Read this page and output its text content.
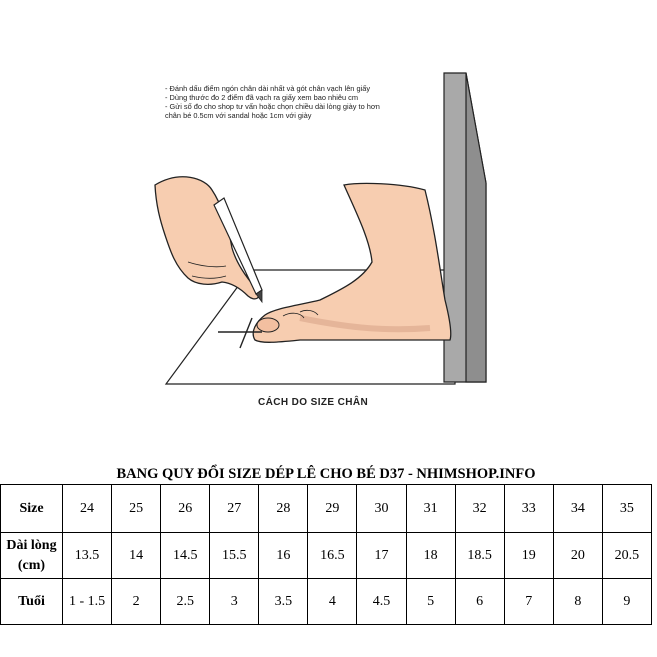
- Đánh dấu điểm ngón chân dài nhất và gót chân vạch lên giấy
- Dùng thước đo 2 điểm đã vạch ra giấy xem bao nhiêu cm
- Gửi số đo cho shop tư vấn hoặc chọn chiều dài lòng giày to hơn
chân bé 0.5cm với sandal hoặc 1cm với giày
CÁCH DO SIZE CHÂN
BANG QUY ĐỔI SIZE DÉP LÊ CHO BÉ D37 - NHIMSHOP.INFO
Size	24	25	26	27	28	29	30	31	32	33	34	35

Dài lòng
(cm)	13.5	14	14.5	15.5	16	16.5	17	18	18.5	19	20	20.5

Tuổi	1 - 1.5	2	2.5	3	3.5	4	4.5	5	6	7	8	9
